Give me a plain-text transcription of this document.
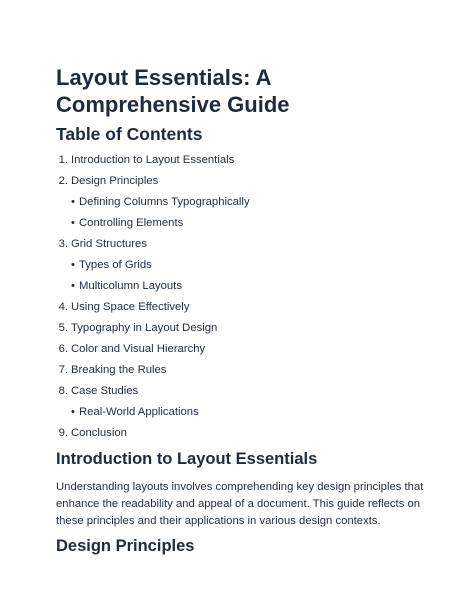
Layout Essentials: A Comprehensive Guide
Table of Contents
1. Introduction to Layout Essentials
2. Design Principles
• Defining Columns Typographically
• Controlling Elements
3. Grid Structures
• Types of Grids
• Multicolumn Layouts
4. Using Space Effectively
5. Typography in Layout Design
6. Color and Visual Hierarchy
7. Breaking the Rules
8. Case Studies
• Real-World Applications
9. Conclusion
Introduction to Layout Essentials

Understanding layouts involves comprehending key design principles that enhance the readability and appeal of a document. This guide reflects on these principles and their applications in various design contexts.

Design Principles
